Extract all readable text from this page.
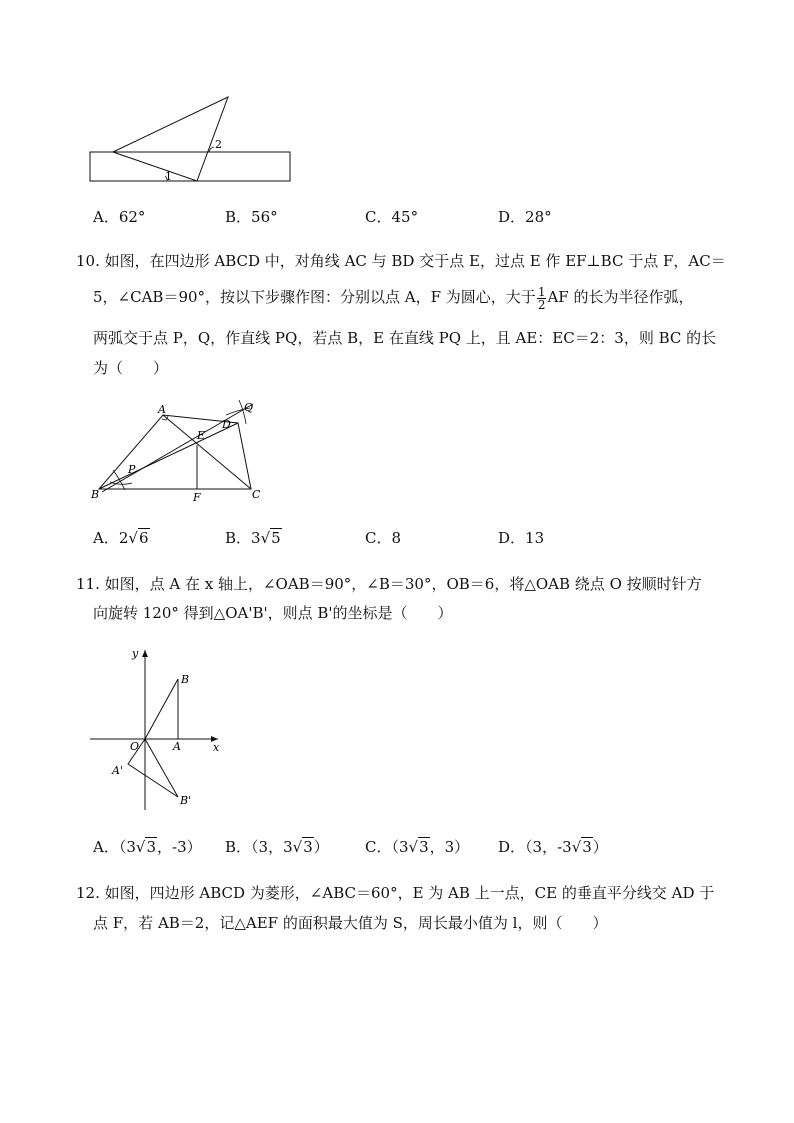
1
2
A．62°	B．56°	C．45°	D．28°
10. 如图，在四边形 ABCD 中，对角线 AC 与 BD 交于点 E，过点 E 作 EF⊥BC 于点 F，AC＝
5，∠CAB＝90°，按以下步骤作图：分别以点 A，F 为圆心，大于 $\frac{1}{2}$ AF 的长为半径作弧，
两弧交于点 P，Q，作直线 PQ，若点 B，E 在直线 PQ 上，且 AE：EC＝2：3，则 BC 的长
为（　　）
A
B	C
D
E
F
P
Q
A．2√6	B．3√5	C．8	D．13
11. 如图，点 A 在 x 轴上，∠OAB＝90°，∠B＝30°，OB＝6，将△OAB 绕点 O 按顺时针方
向旋转 120° 得到△OA'B'，则点 B'的坐标是（　　）
y
x
O	A
B
A'
B'
A．（3√3，-3） B．（3，3√3） C．（3√3，3） D．（3，-3√3）
12. 如图，四边形 ABCD 为菱形，∠ABC＝60°，E 为 AB 上一点，CE 的垂直平分线交 AD 于
点 F，若 AB＝2，记△AEF 的面积最大值为 S，周长最小值为 l，则（　　）
